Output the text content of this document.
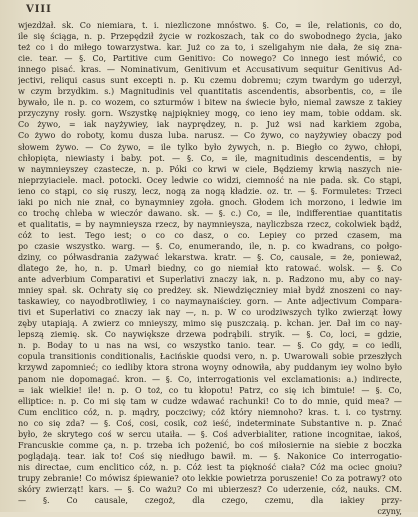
VIII
wjezdżał. sk. Co niemiara, t. i. niezliczone mnóstwo. §. Co, = ile, relationis, co do,
ile się ściąga, n. p. Przepędził życie w rozkoszach, tak co do swobodnego życia, jako
też co i do miłego towarzystwa. kar. Już co za to, i szeligahym nie dała, że się zna-
cie. tear. — §. Co, Partitive cum Genitivo: Co nowego? Co innego iest mówić, co
innego pisać. kras. — Nominativum, Genitivum et Accusativum sequitur Genitivus Ad-
jectivi, reliqui casus sunt excepti n. p. Ku czemu dobremu; czym twardym go uderzył,
w czym brzydkim. s.) Magnitudinis vel quantitatis ascendentis, absorbentis, co, = ile
bywało, ile n. p. co wozem, co szturmów i bitew na świecie było, niemal zawsze z takiey
przyczyny rosły. gorn. Wszystkę najpiękniey mogę, co ieno iey mam, tobie oddam. sk.
Co żywo, = iak nayżywiey, iak nayprędzey, n. p. Już wsi nad karkiem zgoba,
Co żywo do roboty, komu dusza luba. narusz. — Co żywo, co nayżywiey obaczy pod
słowem żywo. — Co żywo, = ile tylko było żywych, n. p. Biegło co żywo, chłopi,
chłopięta, niewiasty i baby. pot. — §. Co, = ile, magnitudinis descendentis, = by
w naymnieyszey czastecze, n. p. Póki co krwi w ciele, Będziemy krwią naszych nie-
nieprzyiaciele. macł. potocki. Ocey ledwie co widzi, ciemność na nie pada. sk. Co stąpi,
ieno co stąpi, co się ruszy, lecz, nogą za nogą kładzie. oz. tr. — §. Formuletes: Trzeci
iaki po nich nie znał, co bynaymniey zgoła. gnoch. Głodem ich morzono, i ledwie im
co trochę chleba w wieczór dawano. sk. — §. c.) Co, = ile, indifferentiae quantitatis
et qualitatis, = by naymnieysza rzecz, by naymnieysza, nayliczbsza rzecz, cokolwiek bądź,
cóż to iest. Tego iest; o co co dasz, o co. Lepiey co przed czasem, ma
po czasie wszystko. warg. — §. Co, enumerando, ile, n. p. co kwadrans, co połgo-
dziny, co półwasdrania zażywać lekarstwa. kratr. — §. Co, causale, = że, ponieważ,
dlatego że, ho, n. p. Umarł biedny, co go niemiał kto ratować. wolsk. — §. Co
ante adverbium Comparativi et Superlativi znaczy iak, n. p. Radzono mu, aby co nay-
mniey spał. sk. Ochraty się co predżey. sk. Niewdzięczniey miał bydź znoszeni co nay-
taskawiey, co nayodbrotliwiey, i co naymaynaiściey. gorn. — Ante adjectivum Compara-
tivi et Superlativi co znaczy iak nay —, n. p. W co urodziwszych tylko zwierząt łowy
zęby utapiają. A zwierz co mnieyszy, mimo się puszczaią. p. kchan. jer. Dał im co nay-
lepszą ziemię. sk. Co naywiększe drzewa podrąbili. stryik. — §. Co, loci, = gdzie,
n. p. Boday to u nas na wsi, co wszystko tanio. tear. — §. Co gdy, = co iedli,
copula transitionis conditionalis, Łacińskie quodsi vero, n. p. Uwarowali sobie przeszłych
krzywd zapomnieć; co iedliby ktora strona woyny odnowiła, aby puddanym iey wolno było
panom nie dopomagać. kron. — §. Co, interrogationis vel exclamationis: a.) indirecte,
= iak wielkie! ile! n. p. O toż, co tu kłopotu! Patrz, co się ich bimtuie! — §. Co,
elliptice: n. p. Co mi się tam w cudze wdawać rachunki! Co to do mnie, quid mea? —
Cum enclitico cóż, n. p. mądry, poczciwy; cóż który niemnoho? kras. t. i. co tystrny.
no co się zda? — §. Coś, cosi, cosik, coż ieść, indeterminate Substantive n. p. Znać
było, że skrytego coś w sercu utaiła. — §. Coś adverbialiter, ratione incognitae, iakoś,
Francuskie comme ça, n. p. trzeba ich pożenić, bo coś miłosiernie na siebie z boczka
poglądają. tear. iak to! Coś się niedługo bawił. m. — §. Nakonice Co interrogatio-
nis directae, cum enclitico cóż, n. p. Cóż iest ta piękność ciała? Cóż ma ociec gnoiu?
trupy zebranie! Co mówisz śpiewanie? oto lekkie powietrza poruszenie! Co za potrawy? oto
skóry zwierząt! kars. — §. Co ważu? Co mi ubierzesz? Co uderzenie, cóż, nauks. CM.
— §. Co causale, czegoż, dla czego, czemu, dla iakiey przy-
czyny,
